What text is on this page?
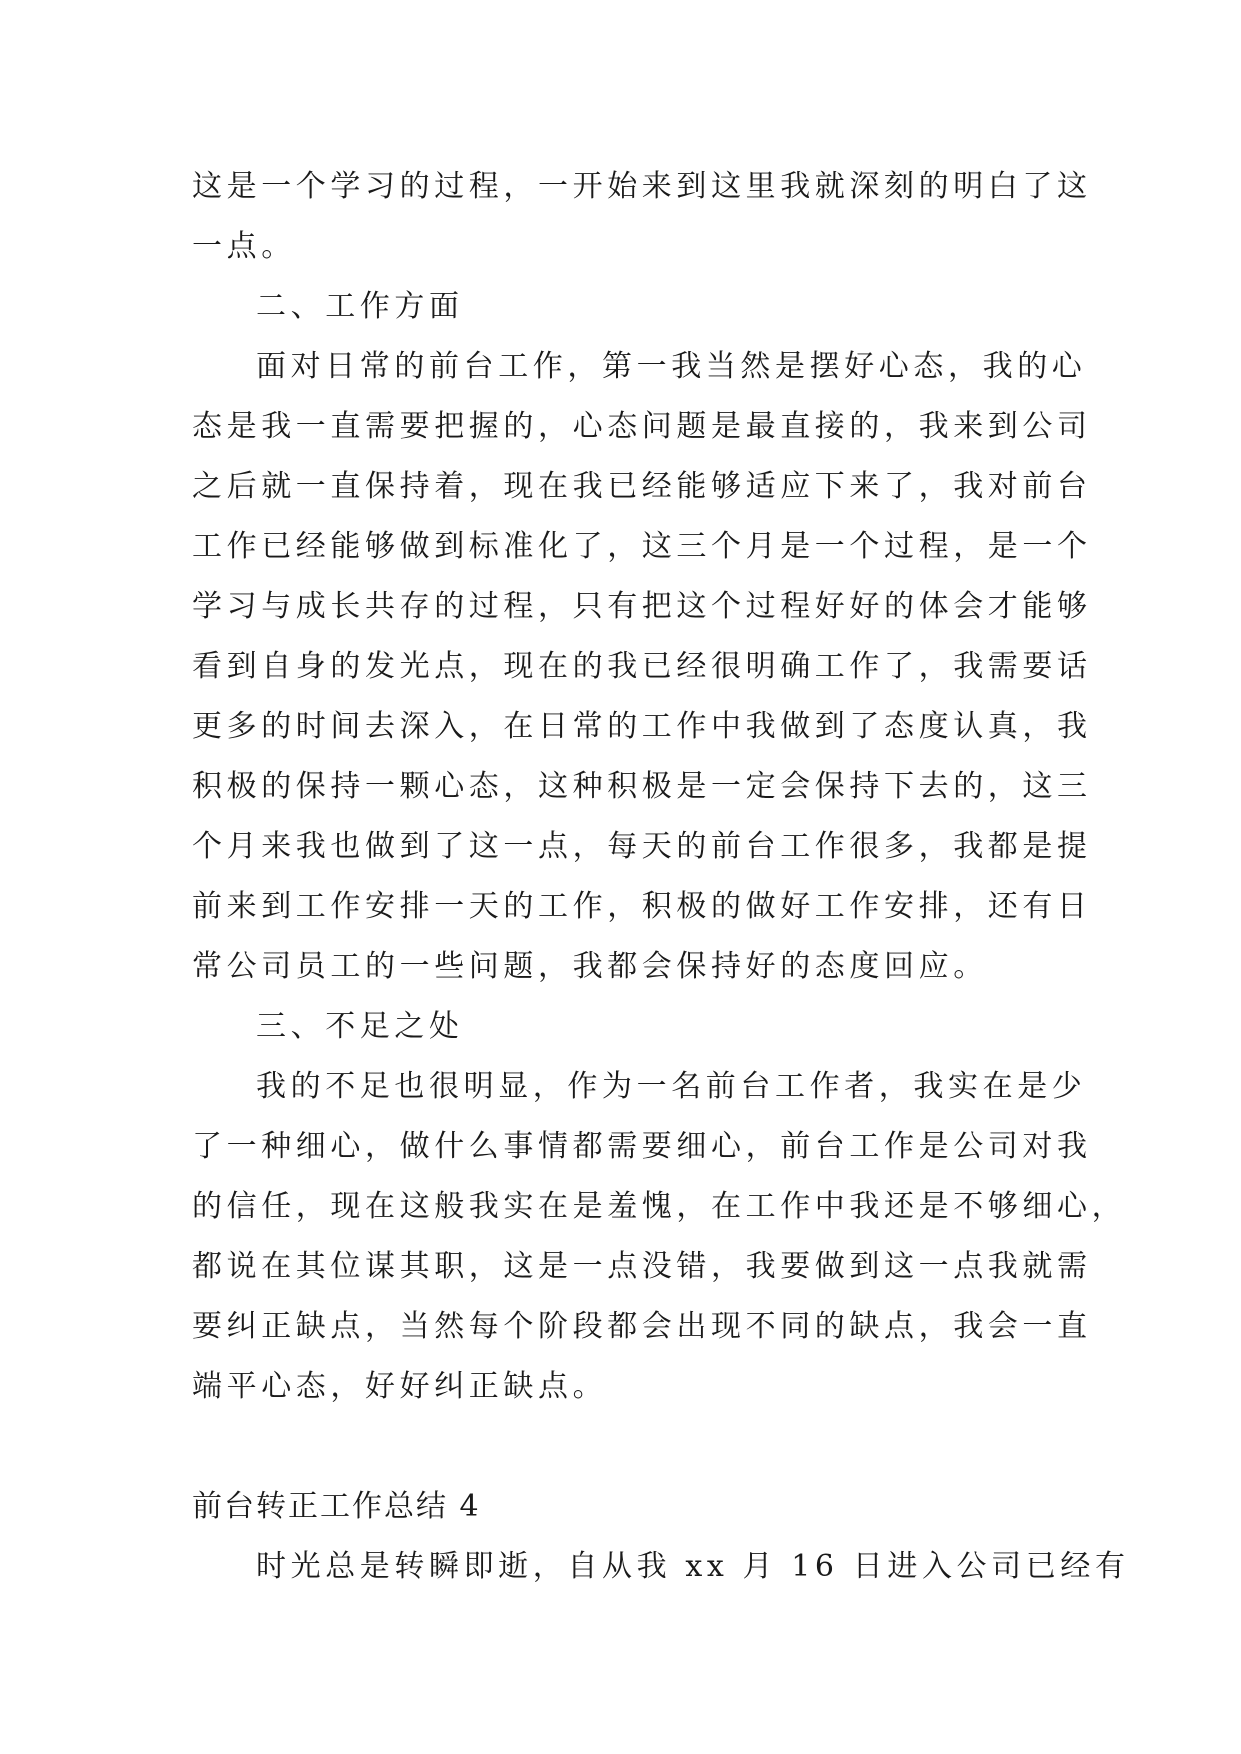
这是一个学习的过程，一开始来到这里我就深刻的明白了这
一点。
二、工作方面
面对日常的前台工作，第一我当然是摆好心态，我的心
态是我一直需要把握的，心态问题是最直接的，我来到公司
之后就一直保持着，现在我已经能够适应下来了，我对前台
工作已经能够做到标准化了，这三个月是一个过程，是一个
学习与成长共存的过程，只有把这个过程好好的体会才能够
看到自身的发光点，现在的我已经很明确工作了，我需要话
更多的时间去深入，在日常的工作中我做到了态度认真，我
积极的保持一颗心态，这种积极是一定会保持下去的，这三
个月来我也做到了这一点，每天的前台工作很多，我都是提
前来到工作安排一天的工作，积极的做好工作安排，还有日
常公司员工的一些问题，我都会保持好的态度回应。
三、不足之处
我的不足也很明显，作为一名前台工作者，我实在是少
了一种细心，做什么事情都需要细心，前台工作是公司对我
的信任，现在这般我实在是羞愧，在工作中我还是不够细心，
都说在其位谋其职，这是一点没错，我要做到这一点我就需
要纠正缺点，当然每个阶段都会出现不同的缺点，我会一直
端平心态，好好纠正缺点。
前台转正工作总结 4
时光总是转瞬即逝，自从我 xx 月 16 日进入公司已经有
